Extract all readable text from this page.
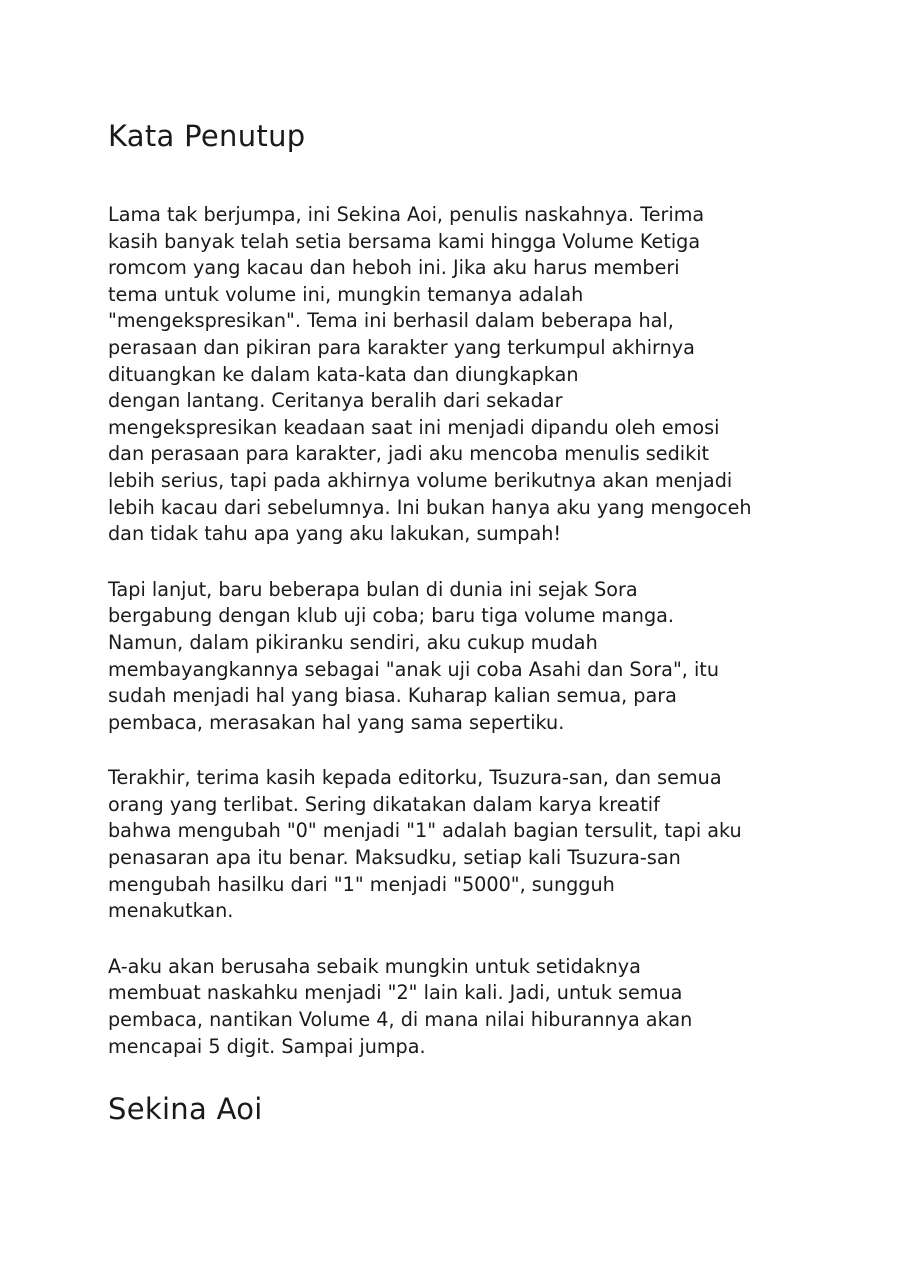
Kata Penutup

Lama tak berjumpa, ini Sekina Aoi, penulis naskahnya. Terima
kasih banyak telah setia bersama kami hingga Volume Ketiga
romcom yang kacau dan heboh ini. Jika aku harus memberi
tema untuk volume ini, mungkin temanya adalah
"mengekspresikan". Tema ini berhasil dalam beberapa hal,
perasaan dan pikiran para karakter yang terkumpul akhirnya
dituangkan ke dalam kata-kata dan diungkapkan
dengan lantang. Ceritanya beralih dari sekadar
mengekspresikan keadaan saat ini menjadi dipandu oleh emosi
dan perasaan para karakter, jadi aku mencoba menulis sedikit
lebih serius, tapi pada akhirnya volume berikutnya akan menjadi
lebih kacau dari sebelumnya. Ini bukan hanya aku yang mengoceh
dan tidak tahu apa yang aku lakukan, sumpah!

Tapi lanjut, baru beberapa bulan di dunia ini sejak Sora
bergabung dengan klub uji coba; baru tiga volume manga.
Namun, dalam pikiranku sendiri, aku cukup mudah
membayangkannya sebagai "anak uji coba Asahi dan Sora", itu
sudah menjadi hal yang biasa. Kuharap kalian semua, para
pembaca, merasakan hal yang sama sepertiku.

Terakhir, terima kasih kepada editorku, Tsuzura-san, dan semua
orang yang terlibat. Sering dikatakan dalam karya kreatif
bahwa mengubah "0" menjadi "1" adalah bagian tersulit, tapi aku
penasaran apa itu benar. Maksudku, setiap kali Tsuzura-san
mengubah hasilku dari "1" menjadi "5000", sungguh
menakutkan.

A-aku akan berusaha sebaik mungkin untuk setidaknya
membuat naskahku menjadi "2" lain kali. Jadi, untuk semua
pembaca, nantikan Volume 4, di mana nilai hiburannya akan
mencapai 5 digit. Sampai jumpa.

Sekina Aoi
